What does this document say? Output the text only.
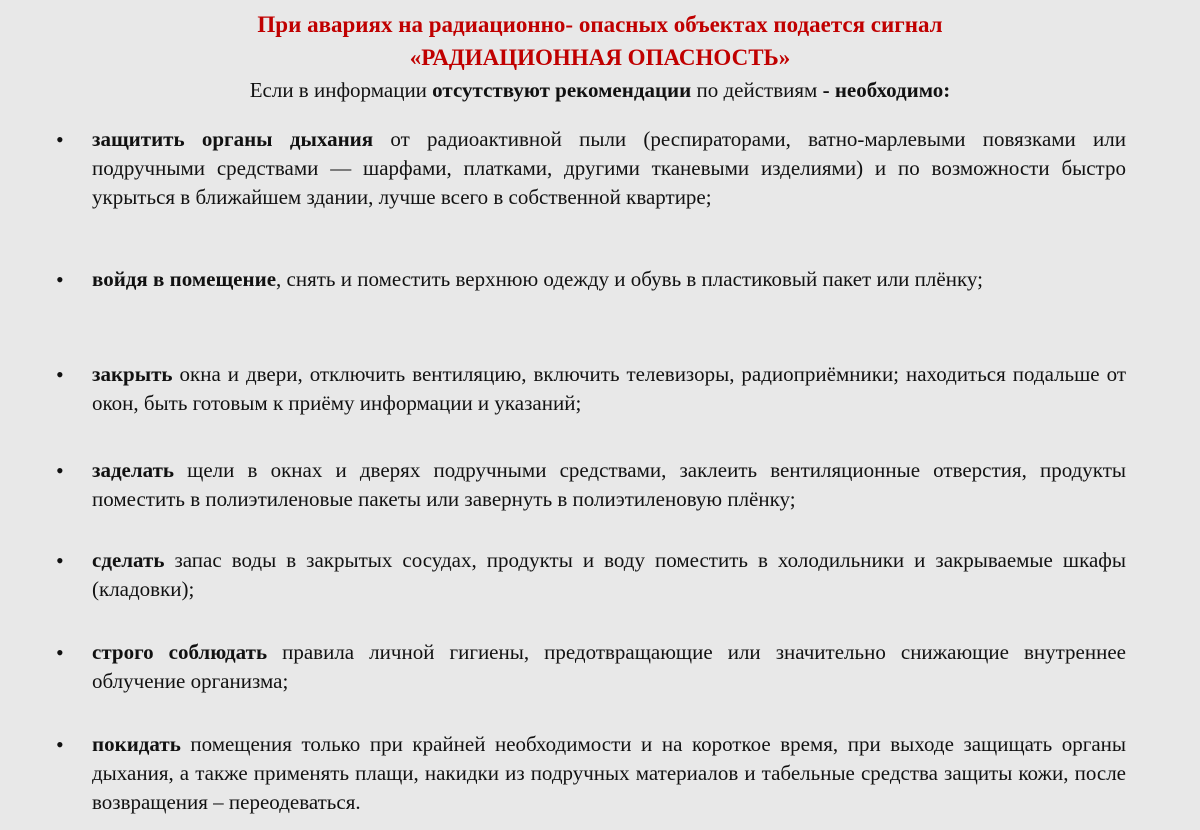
При авариях на радиационно- опасных объектах подается сигнал
«РАДИАЦИОННАЯ ОПАСНОСТЬ»

Если в информации отсутствуют рекомендации по действиям - необходимо:

• защитить органы дыхания от радиоактивной пыли (респираторами, ватно-марлевыми повязками или подручными средствами — шарфами, платками, другими тканевыми изделиями) и по возможности быстро укрыться в ближайшем здании, лучше всего в собственной квартире;

• войдя в помещение, снять и поместить верхнюю одежду и обувь в пластиковый пакет или плёнку;

• закрыть окна и двери, отключить вентиляцию, включить телевизоры, радиоприёмники; находиться подальше от окон, быть готовым к приёму информации и указаний;

• заделать щели в окнах и дверях подручными средствами, заклеить вентиляционные отверстия, продукты поместить в полиэтиленовые пакеты или завернуть в полиэтиленовую плёнку;

• сделать запас воды в закрытых сосудах, продукты и воду поместить в холодильники и закрываемые шкафы (кладовки);

• строго соблюдать правила личной гигиены, предотвращающие или значительно снижающие внутреннее облучение организма;

• покидать помещения только при крайней необходимости и на короткое время, при выходе защищать органы дыхания, а также применять плащи, накидки из подручных материалов и табельные средства защиты кожи, после возвращения – переодеваться.
